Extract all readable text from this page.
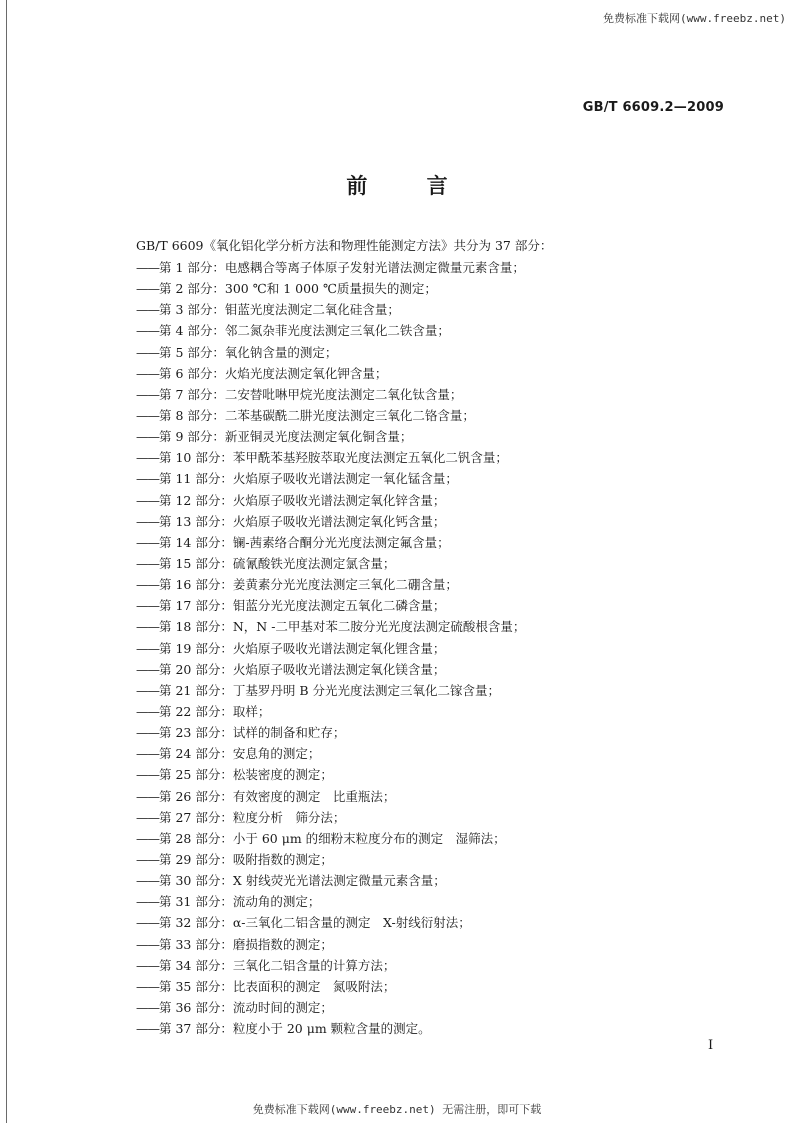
免费标准下载网(www.freebz.net)
GB/T 6609.2—2009
前 言
GB/T 6609《氧化铝化学分析方法和物理性能测定方法》共分为 37 部分：
——第 1 部分：电感耦合等离子体原子发射光谱法测定微量元素含量；
——第 2 部分：300 ℃和 1 000 ℃质量损失的测定；
——第 3 部分：钼蓝光度法测定二氧化硅含量；
——第 4 部分：邻二氮杂菲光度法测定三氧化二铁含量；
——第 5 部分：氧化钠含量的测定；
——第 6 部分：火焰光度法测定氧化钾含量；
——第 7 部分：二安替吡啉甲烷光度法测定二氧化钛含量；
——第 8 部分：二苯基碳酰二肼光度法测定三氧化二铬含量；
——第 9 部分：新亚铜灵光度法测定氧化铜含量；
——第 10 部分：苯甲酰苯基羟胺萃取光度法测定五氧化二钒含量；
——第 11 部分：火焰原子吸收光谱法测定一氧化锰含量；
——第 12 部分：火焰原子吸收光谱法测定氧化锌含量；
——第 13 部分：火焰原子吸收光谱法测定氧化钙含量；
——第 14 部分：镧-茜素络合酮分光光度法测定氟含量；
——第 15 部分：硫氰酸铁光度法测定氯含量；
——第 16 部分：姜黄素分光光度法测定三氧化二硼含量；
——第 17 部分：钼蓝分光光度法测定五氧化二磷含量；
——第 18 部分：N，N -二甲基对苯二胺分光光度法测定硫酸根含量；
——第 19 部分：火焰原子吸收光谱法测定氧化锂含量；
——第 20 部分：火焰原子吸收光谱法测定氧化镁含量；
——第 21 部分：丁基罗丹明 B 分光光度法测定三氧化二镓含量；
——第 22 部分：取样；
——第 23 部分：试样的制备和贮存；
——第 24 部分：安息角的测定；
——第 25 部分：松装密度的测定；
——第 26 部分：有效密度的测定　比重瓶法；
——第 27 部分：粒度分析　筛分法；
——第 28 部分：小于 60 μm 的细粉末粒度分布的测定　湿筛法；
——第 29 部分：吸附指数的测定；
——第 30 部分：X 射线荧光光谱法测定微量元素含量；
——第 31 部分：流动角的测定；
——第 32 部分：α-三氧化二铝含量的测定　X-射线衍射法；
——第 33 部分：磨损指数的测定；
——第 34 部分：三氧化二铝含量的计算方法；
——第 35 部分：比表面积的测定　氮吸附法；
——第 36 部分：流动时间的测定；
——第 37 部分：粒度小于 20 μm 颗粒含量的测定。
I
免费标准下载网(www.freebz.net) 无需注册，即可下载
